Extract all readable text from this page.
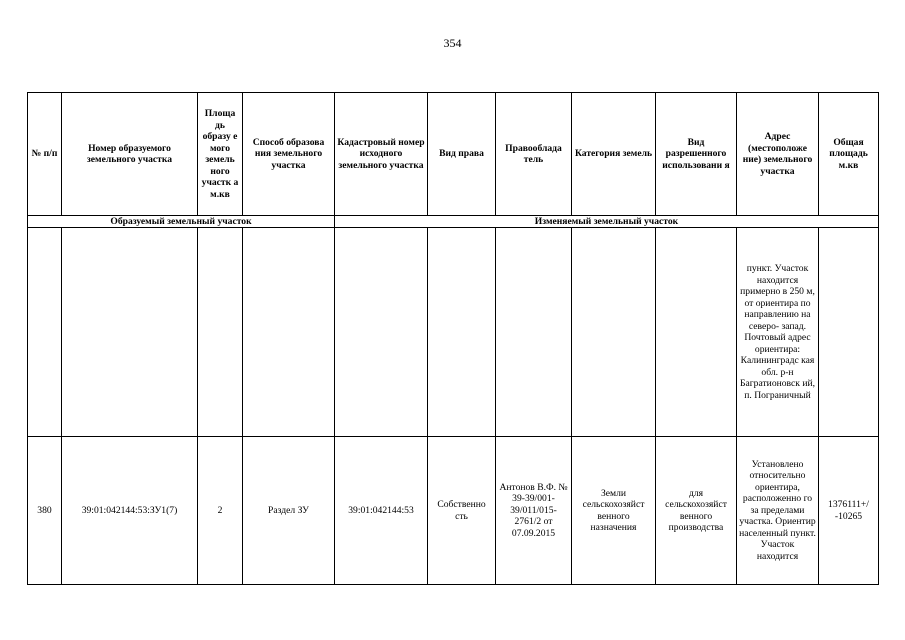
354
№ п/п	Номер образуемого земельного участка	Площа дь образу е мого земель ного участк а м.кв	Способ образова ния земельного участка	Кадастровый номер исходного земельного участка	Вид права	Правооблада тель	Категория земель	Вид разрешенного использовани я	Адрес (местоположе ние) земельного участка	Общая площадь м.кв
Образуемый земельный участок				Изменяемый земельный участок						
									пункт. Участок находится примерно в 250 м, от ориентира по направлению на северо- запад. Почтовый адрес ориентира: Калининградс кая обл. р-н Багратионовск ий, п. Пограничный	
380	39:01:042144:53:ЗУ1(7)	2	Раздел ЗУ	39:01:042144:53	Собственно сть	Антонов В.Ф. № 39-39/001- 39/011/015- 2761/2 от 07.09.2015	Земли сельскохозяйст венного назначения	для сельскохозяйст венного производства	Установлено относительно ориентира, расположенно го за пределами участка. Ориентир населенный пункт. Участок находится	1376111+/ -10265
